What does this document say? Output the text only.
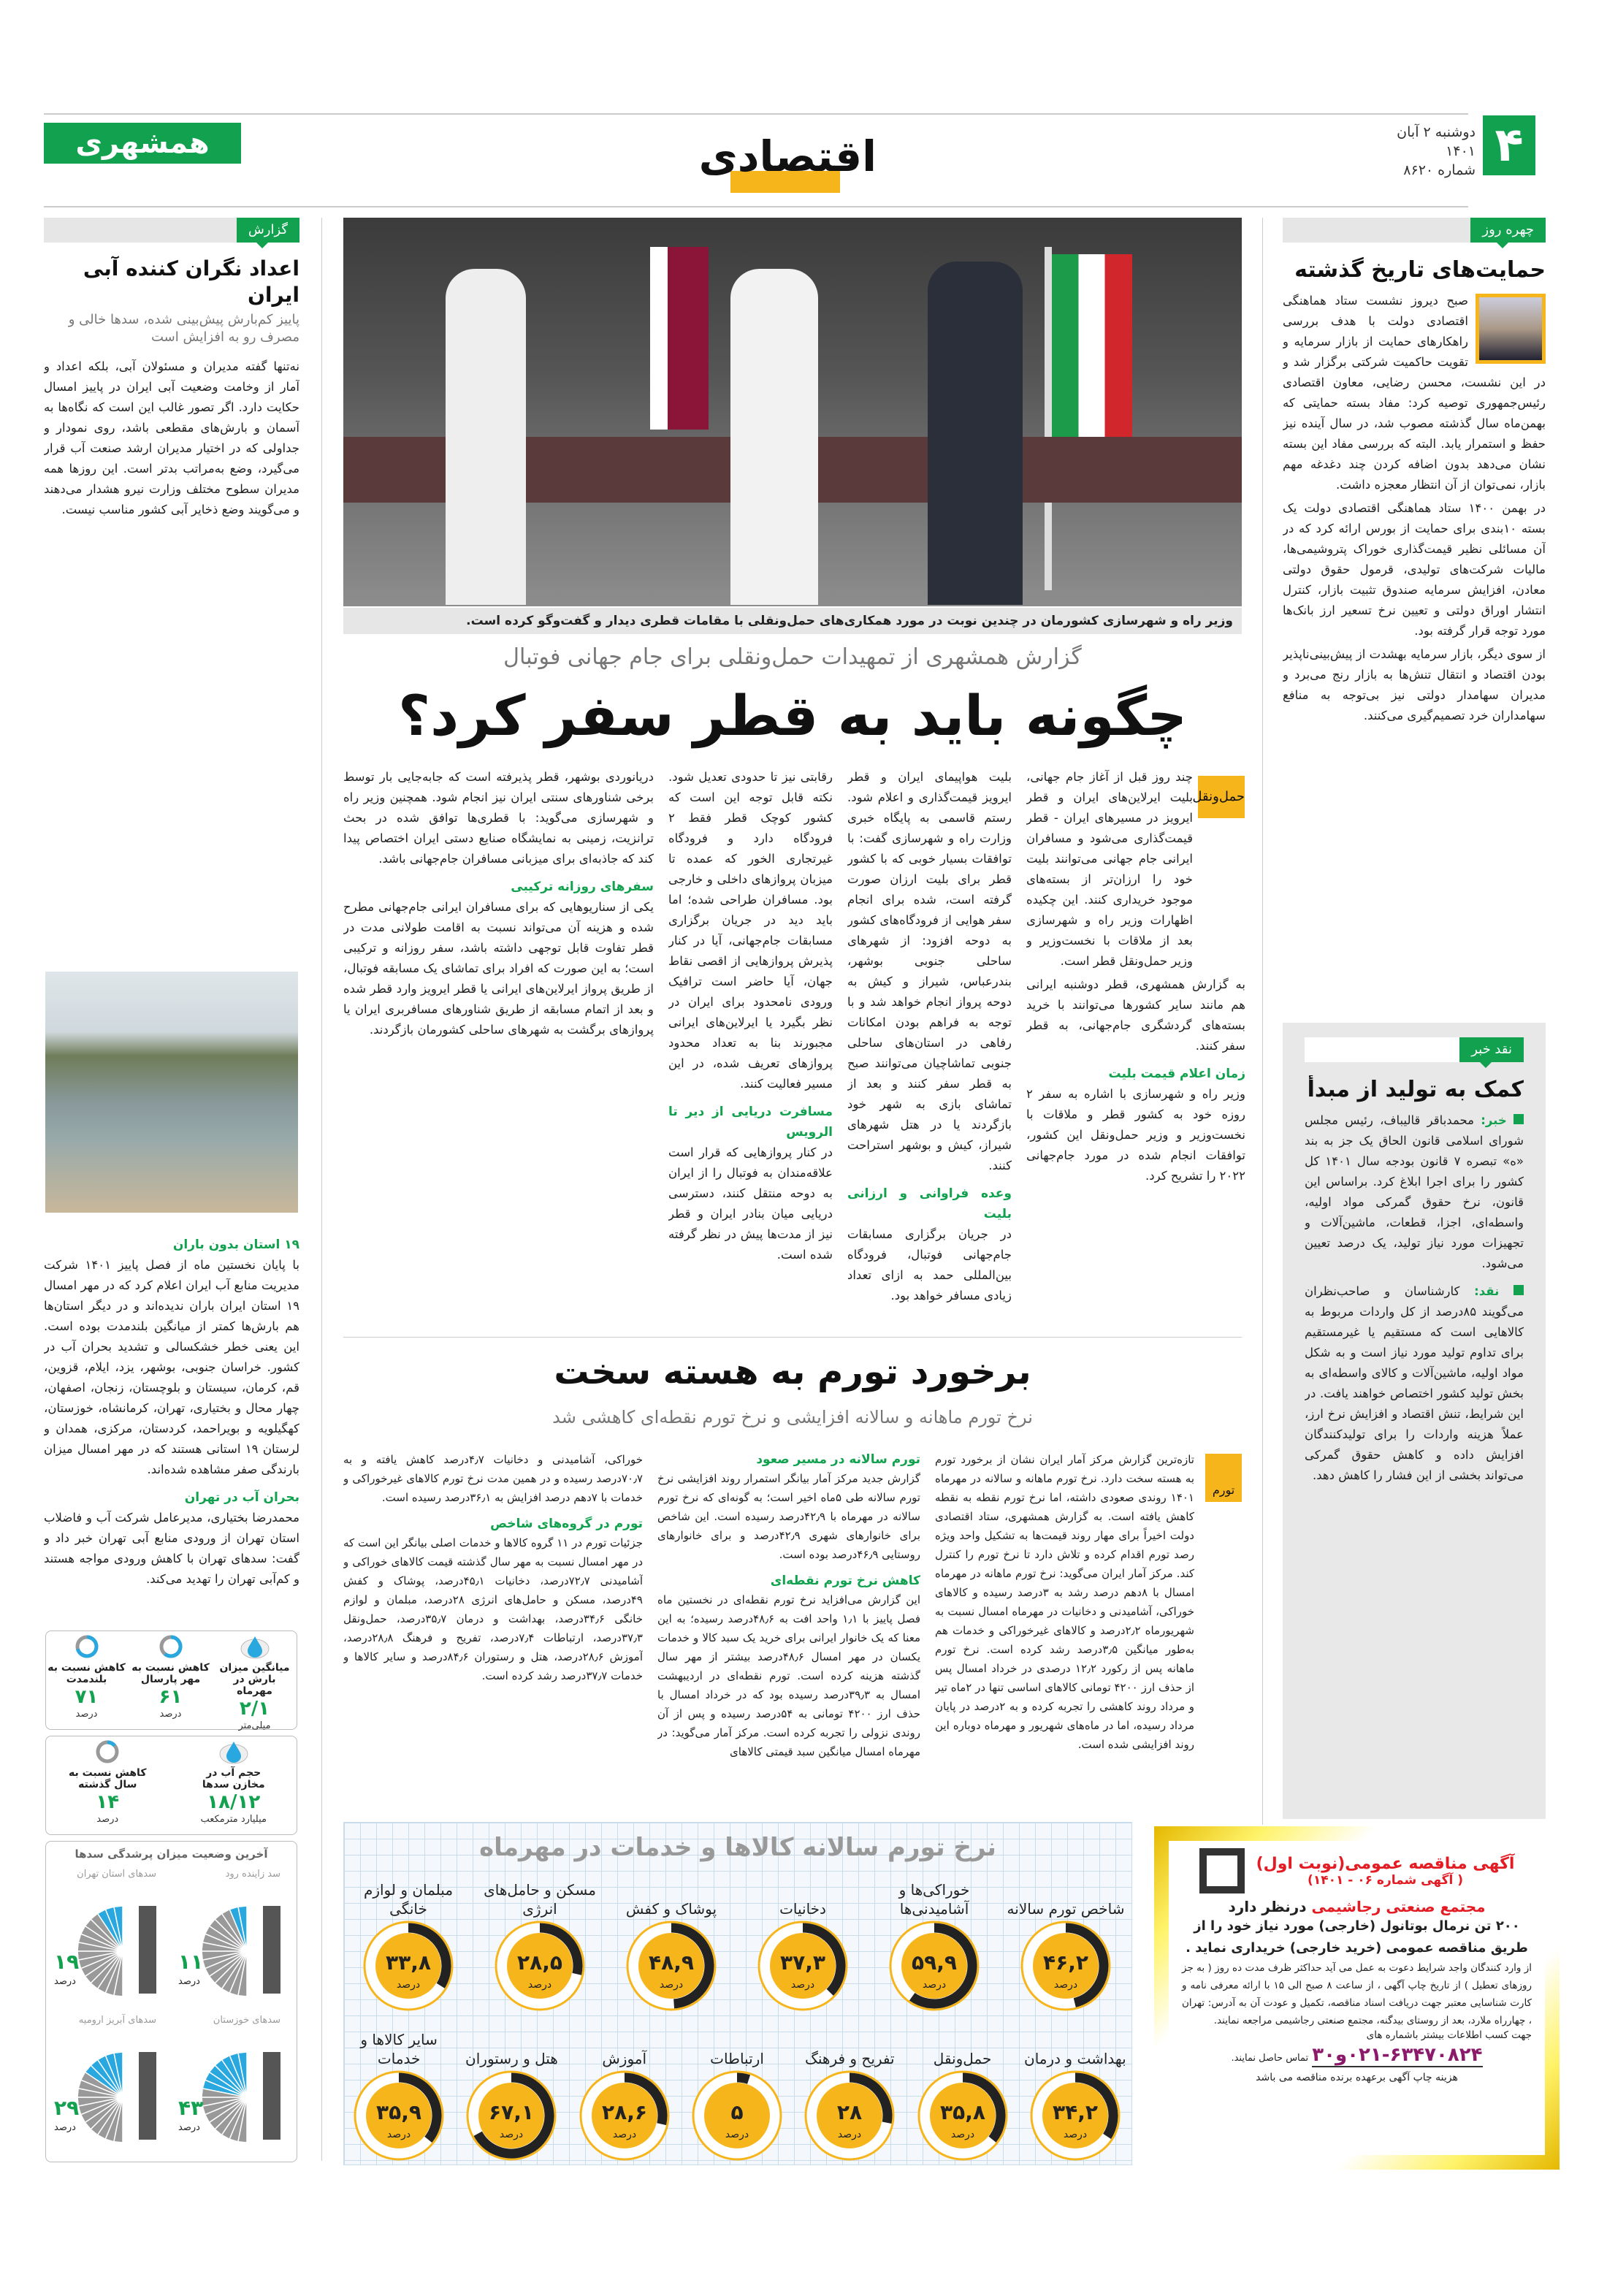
۴
دوشنبه ۲ آبان ۱۴۰۱
شماره ۸۶۲۰
همشهری	اقتصادی
چهره روز
حمایت‌های تاریخ گذشته

صبح دیروز نشست ستاد هماهنگی اقتصادی دولت با هدف بررسی راهکارهای حمایت از بازار سرمایه و تقویت حاکمیت شرکتی برگزار شد و در این نشست، محسن رضایی، معاون اقتصادی رئیس‌جمهوری توصیه کرد: مفاد بسته حمایتی که بهمن‌ماه سال گذشته مصوب شد، در سال آینده نیز حفظ و استمرار یابد. البته که بررسی مفاد این بسته نشان می‌دهد بدون اضافه کردن چند دغدغه مهم بازار، نمی‌توان از آن انتظار معجزه داشت.

در بهمن ۱۴۰۰ ستاد هماهنگی اقتصادی دولت یک بسته ۱۰بندی برای حمایت از بورس ارائه کرد که در آن مسائلی نظیر قیمت‌گذاری خوراک پتروشیمی‌ها، مالیات شرکت‌های تولیدی، قرمول حقوق دولتی معادن، افزایش سرمایه صندوق تثبیت بازار، کنترل انتشار اوراق دولتی و تعیین نرخ تسعیر ارز بانک‌ها مورد توجه قرار گرفته بود.

از سوی دیگر، بازار سرمایه بهشدت از پیش‌بینی‌ناپذیر بودن اقتصاد و انتقال تنش‌ها به بازار رنج می‌برد و مدیران سهامدار دولتی نیز بی‌توجه به منافع سهامداران خرد تصمیم‌گیری می‌کنند.

نقد خبر
کمک به تولید از مبدأ

خبر: محمدباقر قالیباف، رئیس مجلس شورای اسلامی قانون الحاق یک جز به بند «ه» تبصره ۷ قانون بودجه سال ۱۴۰۱ کل کشور را برای اجرا ابلاغ کرد. براساس این قانون، نرخ حقوق گمرکی مواد اولیه، واسطه‌ای، اجزا، قطعات، ماشین‌آلات و تجهیزات مورد نیاز تولید، یک درصد تعیین می‌شود.

نقد: کارشناسان و صاحب‌نظران می‌گویند ۸۵درصد از کل واردات مربوط به کالاهایی است که مستقیم یا غیرمستقیم برای تداوم تولید مورد نیاز است و به شکل مواد اولیه، ماشین‌آلات و کالای واسطه‌ای به بخش تولید کشور اختصاص خواهند یافت. در این شرایط، تنش اقتصاد و افزایش نرخ ارز، عملاً هزینه واردات را برای تولیدکنندگان افزایش داده و کاهش حقوق گمرکی می‌تواند بخشی از این فشار را کاهش دهد.

گزارش
اعداد نگران کننده آبی ایران
پاییز کم‌بارش پیش‌بینی شده، سدها خالی و مصرف رو به افزایش است

نه‌تنها گفته مدیران و مسئولان آبی، بلکه اعداد و آمار از وخامت وضعیت آبی ایران در پاییز امسال حکایت دارد. اگر تصور غالب این است که نگاه‌ها به آسمان و بارش‌های مقطعی باشد، روی نمودار و جداولی که در اختیار مدیران ارشد صنعت آب قرار می‌گیرد، وضع به‌مراتب بدتر است. این روزها همه مدیران سطوح مختلف وزارت نیرو هشدار می‌دهند و می‌گویند وضع ذخایر آبی کشور مناسب نیست.

۱۹ استان بدون باران

با پایان نخستین ماه از فصل پاییز ۱۴۰۱ شرکت مدیریت منابع آب ایران اعلام کرد که در مهر امسال ۱۹ استان ایران باران ندیده‌اند و در دیگر استان‌ها هم بارش‌ها کمتر از میانگین بلندمدت بوده است. این یعنی خطر خشکسالی و تشدید بحران آب در کشور. خراسان جنوبی، بوشهر، یزد، ایلام، قزوین، قم، کرمان، سیستان و بلوچستان، زنجان، اصفهان، چهار محال و بختیاری، تهران، کرمانشاه، خوزستان، کهگیلویه و بویراحمد، کردستان، مرکزی، همدان و لرستان ۱۹ استانی هستند که در مهر امسال میزان بارندگی صفر مشاهده شده‌اند.

بحران آب در تهران

محمدرضا بختیاری، مدیرعامل شرکت آب و فاضلاب استان تهران از ورودی منابع آبی تهران خبر داد و گفت: سدهای تهران با کاهش ورودی مواجه هستند و کم‌آبی تهران را تهدید می‌کند.

میانگین میزان بارش در مهرماه
۲/۱
میلی‌متر
کاهش نسبت به مهر پارسال
۶۱
درصد
کاهش نسبت به بلندمدت
۷۱
درصد
حجم آب در مخازن سدها
۱۸/۱۲
میلیارد مترمکعب
کاهش نسبت به سال گذشته
۱۴
درصد
آخرین وضعیت میزان پرشدگی سدها
سد زاینده رود
۱۱
درصد
سدهای استان تهران
۱۹
درصد
سدهای خوزستان
۴۳
درصد
سدهای آبریز ارومیه
۲۹
درصد
وزیر راه و شهرسازی کشورمان در چندین نوبت در مورد همکاری‌های حمل‌ونقلی با مقامات قطری دیدار و گفت‌وگو کرده است.
گزارش همشهری از تمهیدات حمل‌ونقلی برای جام جهانی فوتبال
چگونه باید به قطر سفر کرد؟
حمل‌ونقل

چند روز قبل از آغاز جام جهانی، بلیت ایرلاین‌های ایران و قطر ایرویز در مسیرهای ایران - قطر قیمت‌گذاری می‌شود و مسافران ایرانی جام جهانی می‌توانند بلیت خود را ارزان‌تر از بسته‌های موجود خریداری کنند. این چکیده اظهارات وزیر راه و شهرسازی بعد از ملاقات با نخست‌وزیر و وزیر حمل‌ونقل قطر است.

به گزارش همشهری، قطر دوشنبه ایرانی هم مانند سایر کشورها می‌توانند با خرید بسته‌های گردشگری جام‌جهانی، به قطر سفر کنند.

زمان اعلام قیمت بلیت

وزیر راه و شهرسازی با اشاره به سفر ۲ روزه خود به کشور قطر و ملاقات با نخست‌وزیر و وزیر حمل‌ونقل این کشور، توافقات انجام شده در مورد جام‌جهانی ۲۰۲۲ را تشریح کرد.

بلیت هواپیمای ایران و قطر ایرویز قیمت‌گذاری و اعلام شود. رستم قاسمی به پایگاه خبری وزارت راه و شهرسازی گفت: با توافقات بسیار خوبی که با کشور قطر برای بلیت ارزان صورت گرفته است، شده برای انجام سفر هوایی از فرودگاه‌های کشور به دوحه افزود: از شهرهای ساحلی جنوبی بوشهر، بندرعباس، شیراز و کیش به دوحه پرواز انجام خواهد شد و با توجه به فراهم بودن امکانات رفاهی در استان‌های ساحلی جنوبی تماشاچیان می‌توانند صبح به قطر سفر کنند و بعد از تماشای بازی به شهر خود بازگردند یا در هتل شهرهای شیراز، کیش و بوشهر استراحت کنند.

وعده فراوانی و ارزانی بلیت

در جریان برگزاری مسابقات جام‌جهانی فوتبال، فرودگاه بین‌المللی حمد به ازای تعداد زیادی مسافر خواهد بود.

رقابتی نیز تا حدودی تعدیل شود. نکته قابل توجه این است که کشور کوچک قطر فقط ۲ فرودگاه دارد و فرودگاه غیرتجاری الخور که عمده تا میزبان پروازهای داخلی و خارجی بود. مسافران طراحی شده؛ اما باید دید در جریان برگزاری مسابقات جام‌جهانی، آیا در کنار پذیرش پروازهایی از اقصی نقاط جهان، آیا حاضر است ترافیک ورودی نامحدود برای ایران در نظر بگیرد یا ایرلاین‌های ایرانی مجبورند بنا به تعداد محدود پروازهای تعریف شده، در این مسیر فعالیت کنند.

مسافرت دریایی از دیر تا الرویس

در کنار پروازهایی که قرار است علاقه‌مندان به فوتبال را از ایران به دوحه منتقل کنند، دسترسی دریایی میان بنادر ایران و قطر نیز از مدت‌ها پیش در نظر گرفته شده است.

دریانوردی بوشهر، قطر پذیرفته است که جابه‌جایی بار توسط برخی شناورهای سنتی ایران نیز انجام شود. همچنین وزیر راه و شهرسازی می‌گوید: با قطری‌ها توافق شده در بحث ترانزیت، زمینی به نمایشگاه صنایع دستی ایران اختصاص پیدا کند که جاذبه‌ای برای میزبانی مسافران جام‌جهانی باشد.

سفرهای روزانه ترکیبی

یکی از سناریوهایی که برای مسافران ایرانی جام‌جهانی مطرح شده و هزینه آن می‌تواند نسبت به اقامت طولانی مدت در قطر تفاوت قابل توجهی داشته باشد، سفر روزانه و ترکیبی است؛ به این صورت که افراد برای تماشای یک مسابقه فوتبال، از طریق پرواز ایرلاین‌های ایرانی یا قطر ایرویز وارد قطر شده و بعد از اتمام مسابقه از طریق شناورهای مسافربری ایران یا پروازهای برگشت به شهرهای ساحلی کشورمان بازگردند.

برخورد تورم به هسته سخت
نرخ تورم ماهانه و سالانه افزایشی و نرخ تورم نقطه‌ای کاهشی شد
تورم

تازه‌ترین گزارش مرکز آمار ایران نشان از برخورد تورم به هسته سخت دارد. نرخ تورم ماهانه و سالانه در مهرماه ۱۴۰۱ روندی صعودی داشته، اما نرخ تورم نقطه به نقطه کاهش یافته است. به گزارش همشهری، ستاد اقتصادی دولت اخیراً برای مهار روند قیمت‌ها به تشکیل واحد ویژه رصد تورم اقدام کرده و تلاش دارد تا نرخ تورم را کنترل کند. مرکز آمار ایران می‌گوید: نرخ تورم ماهانه در مهرماه امسال با ۸دهم درصد رشد به ۳درصد رسیده و کالاهای خوراکی، آشامیدنی و دخانیات در مهرماه امسال نسبت به شهریورماه ۲٫۲درصد و کالاهای غیرخوراکی و خدمات هم به‌طور میانگین ۳٫۵درصد رشد کرده است. نرخ تورم ماهانه پس از رکورد ۱۲٫۲ درصدی در خرداد امسال پس از حذف ارز ۴۲۰۰ تومانی کالاهای اساسی تنها در ۲ماه تیر و مرداد روند کاهشی را تجربه کرده و به ۲درصد در پایان مرداد رسیده، اما در ماه‌های شهریور و مهرماه دوباره این روند افزایشی شده است.

تورم سالانه در مسیر صعود

گزارش جدید مرکز آمار بیانگر استمرار روند افزایشی نرخ تورم سالانه طی ۵ماه اخیر است؛ به گونه‌ای که نرخ تورم سالانه در مهرماه با ۴۲٫۹درصد رسیده است. این شاخص برای خانوارهای شهری ۴۲٫۹درصد و برای خانوارهای روستایی ۴۶٫۹درصد بوده است.

کاهش نرخ تورم نقطه‌ای

این گزارش می‌افزاید نرخ تورم نقطه‌ای در نخستین ماه فصل پاییز با ۱٫۱ واحد افت به ۴۸٫۶درصد رسیده؛ به این معنا که یک خانوار ایرانی برای خرید یک سبد کالا و خدمات یکسان در مهر امسال ۴۸٫۶درصد بیشتر از مهر سال گذشته هزینه کرده است. تورم نقطه‌ای در اردیبهشت امسال به ۳۹٫۳درصد رسیده بود که در خرداد امسال با حذف ارز ۴۲۰۰ تومانی به ۵۴درصد رسیده و پس از آن روندی نزولی را تجربه کرده است. مرکز آمار می‌گوید: در مهرماه امسال میانگین سبد قیمتی کالاهای

خوراکی، آشامیدنی و دخانیات ۴٫۷درصد کاهش یافته و به ۷۰٫۷درصد رسیده و در همین مدت نرخ تورم کالاهای غیرخوراکی و خدمات با ۷دهم درصد افزایش به ۳۶٫۱درصد رسیده است.

تورم در گروه‌های شاخص

جزئیات تورم در ۱۱ گروه کالاها و خدمات اصلی بیانگر این است که در مهر امسال نسبت به مهر سال گذشته قیمت کالاهای خوراکی و آشامیدنی ۷۲٫۷درصد، دخانیات ۴۵٫۱درصد، پوشاک و کفش ۴۹درصد، مسکن و حامل‌های انرژی ۲۸درصد، مبلمان و لوازم خانگی ۳۴٫۶درصد، بهداشت و درمان ۳۵٫۷درصد، حمل‌ونقل ۳۷٫۳درصد، ارتباطات ۷٫۴درصد، تفریح و فرهنگ ۲۸٫۸درصد، آموزش ۲۸٫۶درصد، هتل و رستوران ۸۴٫۶درصد و سایر کالاها و خدمات ۳۷٫۷درصد رشد کرده است.

نرخ تورم سالانه کالاها و خدمات در مهرماه
شاخص تورم سالانه
۴۶,۲
درصد
خوراکی‌ها و آشامیدنی‌ها
۵۹,۹
درصد
دخانیات
۳۷,۳
درصد
پوشاک و کفش
۴۸,۹
درصد
مسکن و حامل‌های انرژی
۲۸,۵
درصد
مبلمان و لوازم خانگی
۳۳,۸
درصد
بهداشت و درمان
۳۴,۲
درصد
حمل‌ونقل
۳۵,۸
درصد
تفریح و فرهنگ
۲۸
درصد
ارتباطات
۵
درصد
آموزش
۲۸,۶
درصد
هتل و رستوران
۶۷,۱
درصد
سایر کالاها و خدمات
۳۵,۹
درصد
آگهی مناقصه عمومی(نوبت اول)
( آگهی شماره ۰۶ - ۱۴۰۱)
مجتمع صنعتی رجاشیمی درنظر دارد
۲۰۰ تن نرمال بوتانول (خارجی) مورد نیاز خود را از طریق مناقصه عمومی (خرید خارجی) خریداری نماید .
از وارد کنندگان واجد شرایط دعوت به عمل می آید حداکثر ظرف مدت ده روز ( به جز روزهای تعطیل ) از تاریخ چاپ آگهی ، از ساعت ۸ صبح الی ۱۵ با ارائه معرفی نامه و کارت شناسایی معتبر جهت دریافت اسناد مناقصه، تکمیل و عودت آن به آدرس: تهران ، چهارراه ملارد، بعد از روستای بیدگنه، مجتمع صنعتی رجاشیمی مراجعه نمایند.
جهت کسب اطلاعات بیشتر باشماره های
۰۲۱-۶۳۴۷۰۸۲۴و۳۰ تماس حاصل نمایند.
هزینه چاپ آگهی برعهده برنده مناقصه می باشد
